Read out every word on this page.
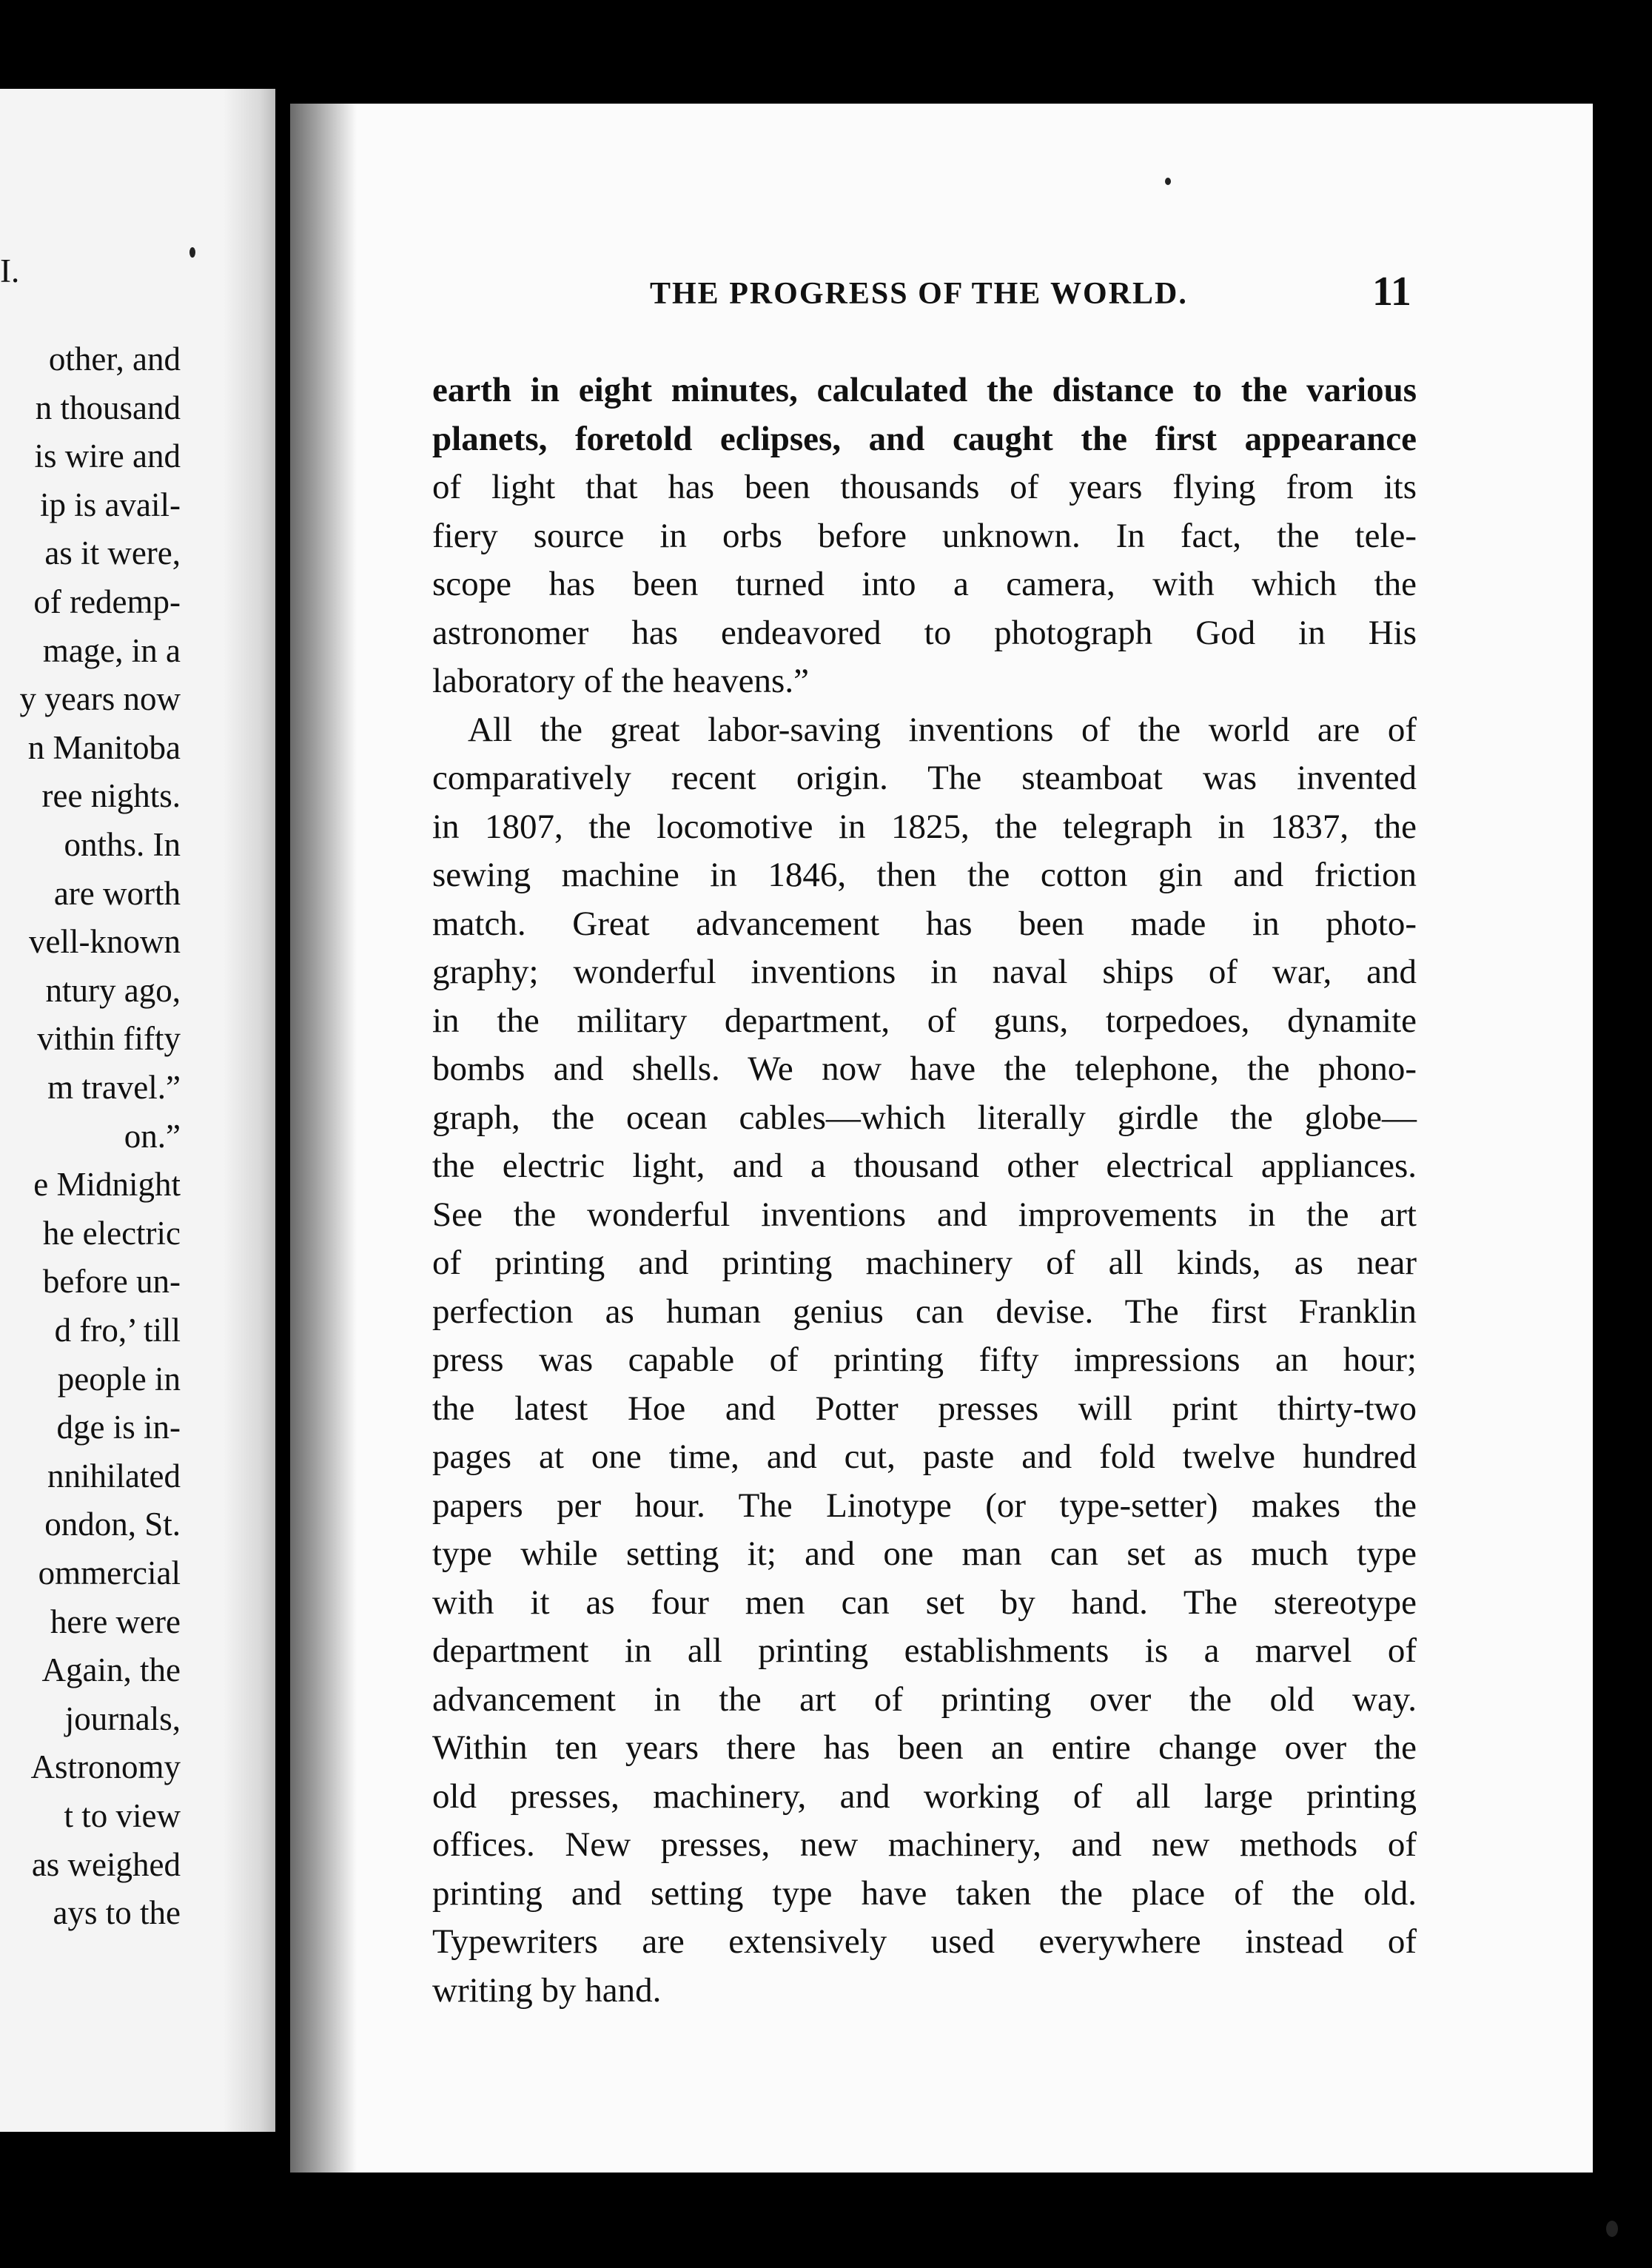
I.
other, and
n thousand
is wire and
ip is avail-
as it were,
of redemp-
mage, in a
y years now
n Manitoba
ree nights.
onths. In
are worth
vell-known
ntury ago,
vithin fifty
m travel.”
on.”
e Midnight
he electric
before un-
d fro,’ till
people in
dge is in-
nnihilated
ondon, St.
ommercial
here were
Again, the
journals,
Astronomy
t to view
as weighed
ays to the
THE PROGRESS OF THE WORLD.	11
earth in eight minutes, calculated the distance to the various
planets, foretold eclipses, and caught the first appearance
of light that has been thousands of years flying from its
fiery source in orbs before unknown. In fact, the tele-
scope has been turned into a camera, with which the
astronomer has endeavored to photograph God in His
laboratory of the heavens.”
All the great labor-saving inventions of the world are of
comparatively recent origin. The steamboat was invented
in 1807, the locomotive in 1825, the telegraph in 1837, the
sewing machine in 1846, then the cotton gin and friction
match. Great advancement has been made in photo-
graphy; wonderful inventions in naval ships of war, and
in the military department, of guns, torpedoes, dynamite
bombs and shells. We now have the telephone, the phono-
graph, the ocean cables—which literally girdle the globe—
the electric light, and a thousand other electrical appliances.
See the wonderful inventions and improvements in the art
of printing and printing machinery of all kinds, as near
perfection as human genius can devise. The first Franklin
press was capable of printing fifty impressions an hour;
the latest Hoe and Potter presses will print thirty-two
pages at one time, and cut, paste and fold twelve hundred
papers per hour. The Linotype (or type-setter) makes the
type while setting it; and one man can set as much type
with it as four men can set by hand. The stereotype
department in all printing establishments is a marvel of
advancement in the art of printing over the old way.
Within ten years there has been an entire change over the
old presses, machinery, and working of all large printing
offices. New presses, new machinery, and new methods of
printing and setting type have taken the place of the old.
Typewriters are extensively used everywhere instead of
writing by hand.
